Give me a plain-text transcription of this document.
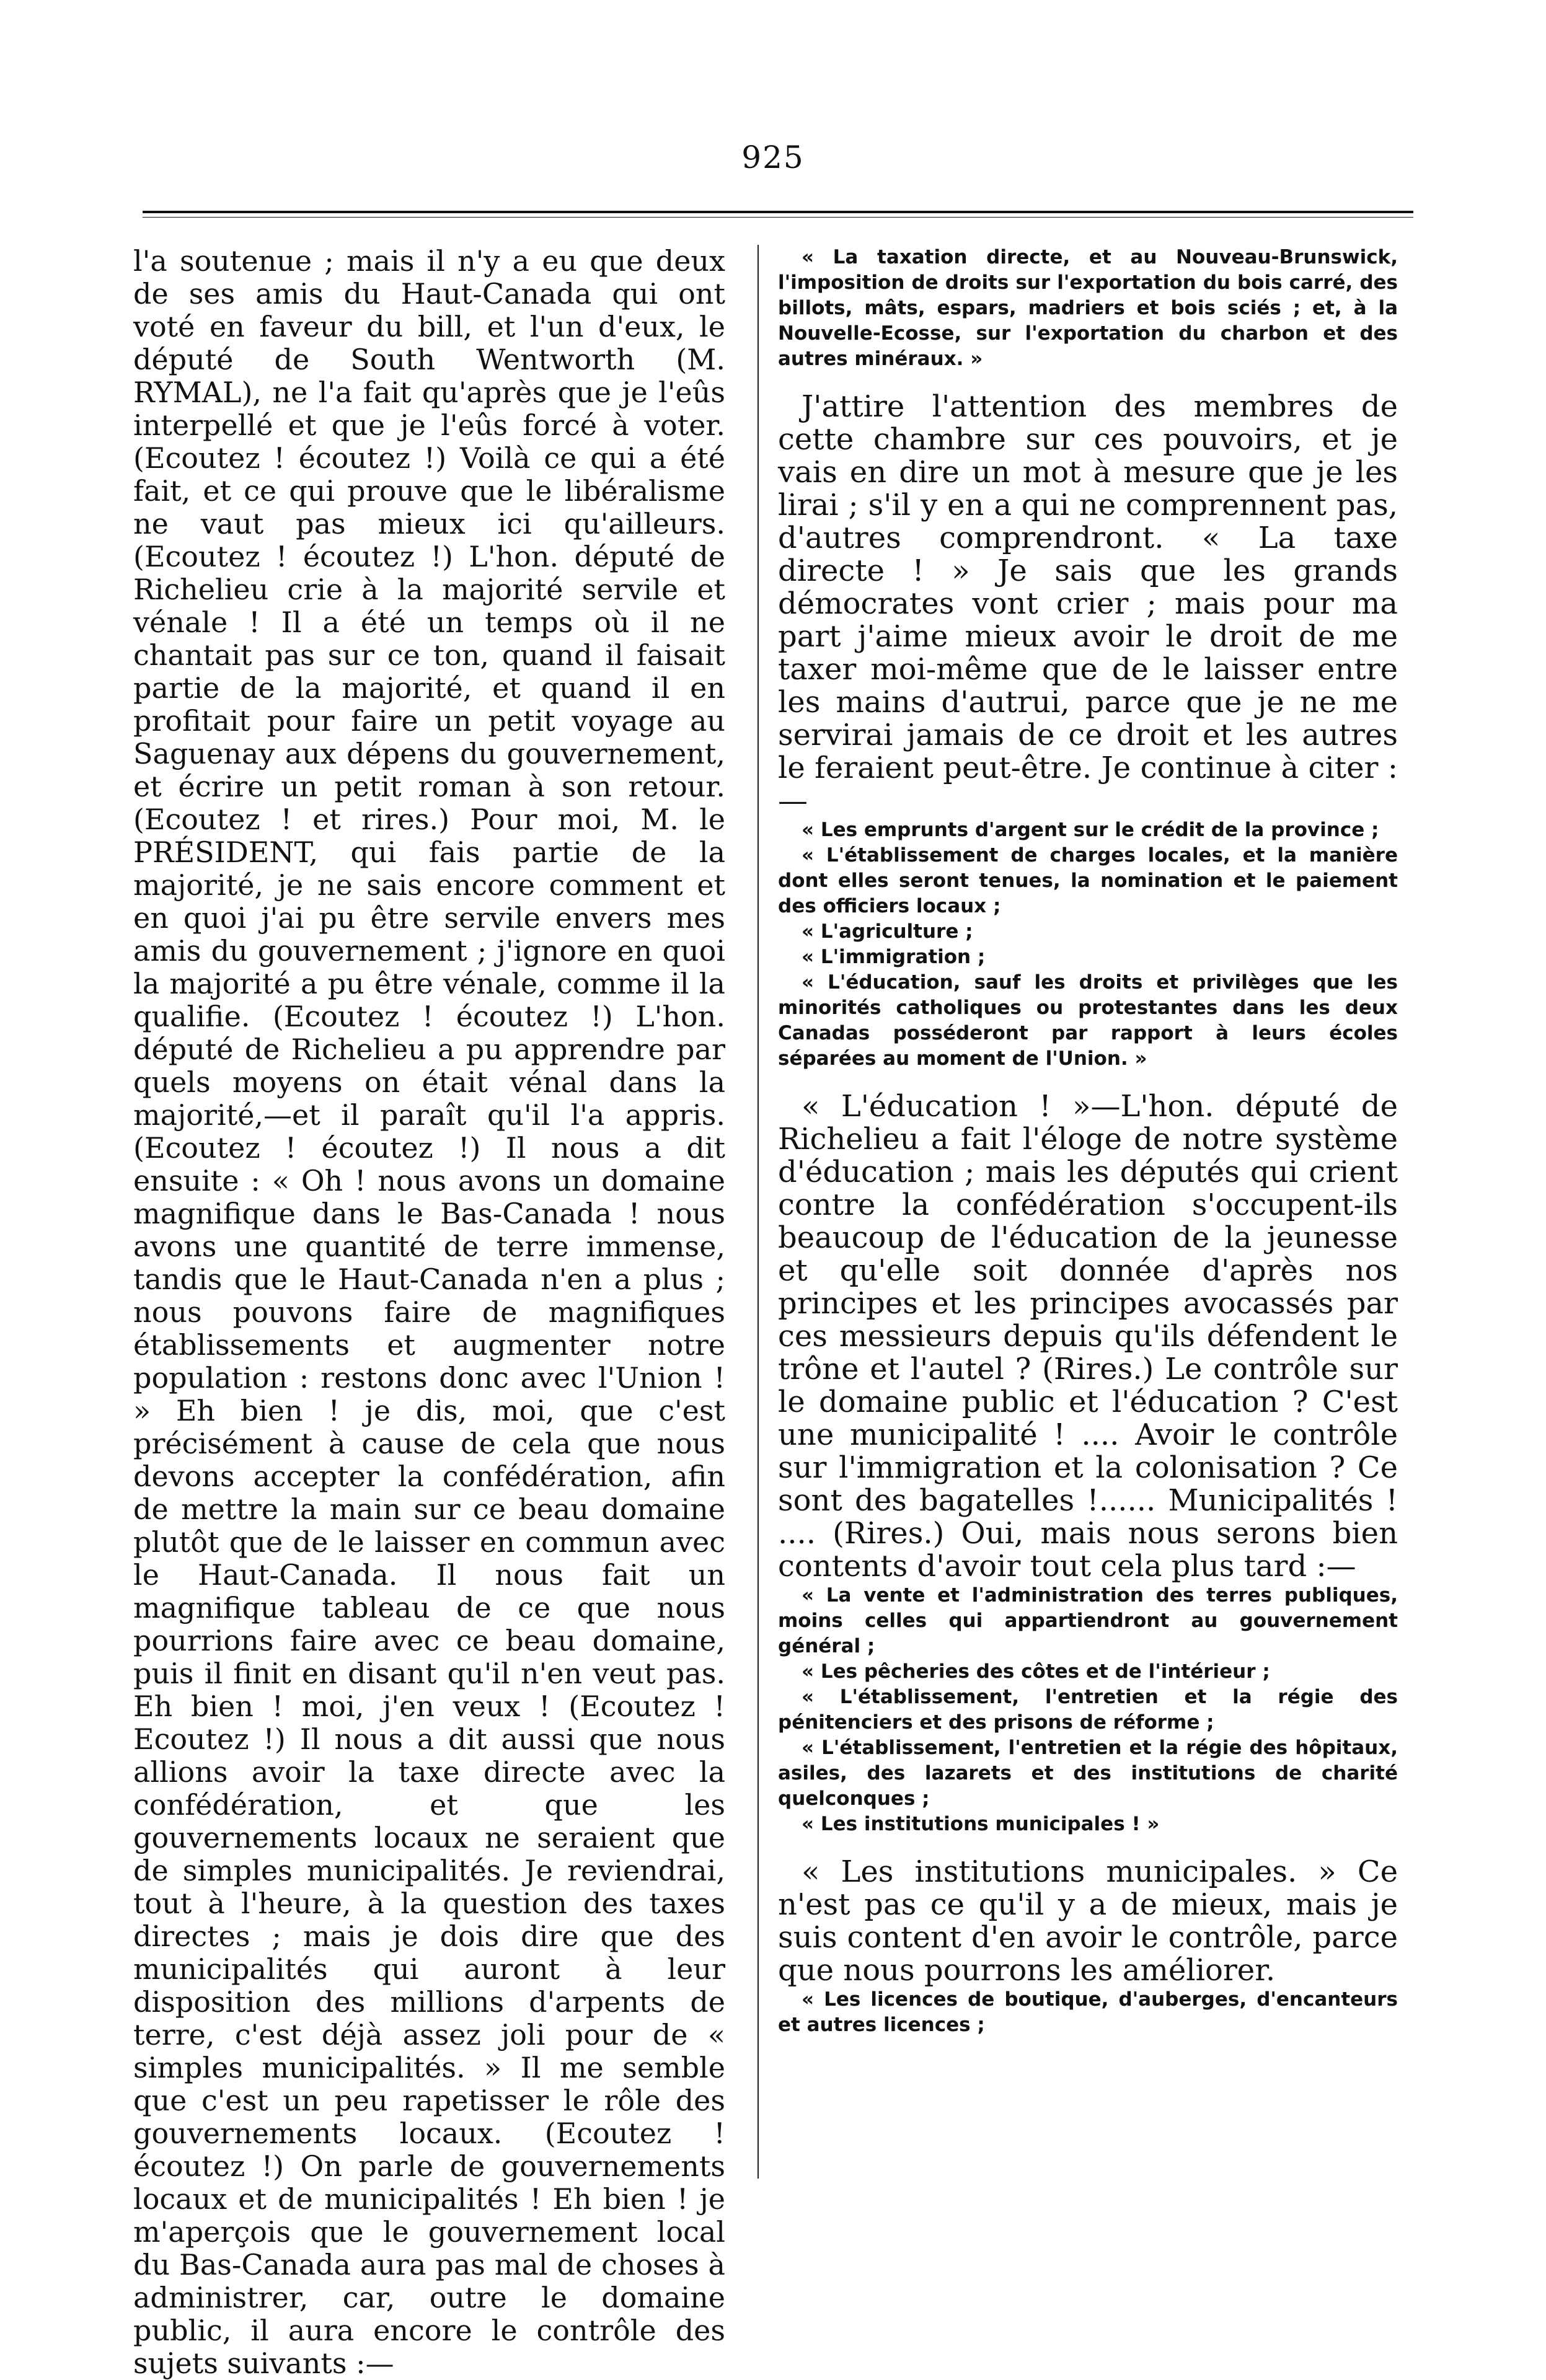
925

l'a soutenue ; mais il n'y a eu que deux de ses amis du Haut-Canada qui ont voté en faveur du bill, et l'un d'eux, le député de South Wentworth (M. RYMAL), ne l'a fait qu'après que je l'eûs interpellé et que je l'eûs forcé à voter. (Ecoutez ! écoutez !) Voilà ce qui a été fait, et ce qui prouve que le libéralisme ne vaut pas mieux ici qu'ailleurs. (Ecoutez ! écoutez !) L'hon. député de Richelieu crie à la majorité servile et vénale ! Il a été un temps où il ne chantait pas sur ce ton, quand il faisait partie de la majorité, et quand il en profitait pour faire un petit voyage au Saguenay aux dépens du gouvernement, et écrire un petit roman à son retour. (Ecoutez ! et rires.) Pour moi, M. le PRÉSIDENT, qui fais partie de la majorité, je ne sais encore comment et en quoi j'ai pu être servile envers mes amis du gouvernement ; j'ignore en quoi la majorité a pu être vénale, comme il la qualifie. (Ecoutez ! écoutez !) L'hon. député de Richelieu a pu apprendre par quels moyens on était vénal dans la majorité,—et il paraît qu'il l'a appris. (Ecoutez ! écoutez !) Il nous a dit ensuite : « Oh ! nous avons un domaine magnifique dans le Bas-Canada ! nous avons une quantité de terre immense, tandis que le Haut-Canada n'en a plus ; nous pouvons faire de magnifiques établissements et augmenter notre population : restons donc avec l'Union ! » Eh bien ! je dis, moi, que c'est précisément à cause de cela que nous devons accepter la confédération, afin de mettre la main sur ce beau domaine plutôt que de le laisser en commun avec le Haut-Canada. Il nous fait un magnifique tableau de ce que nous pourrions faire avec ce beau domaine, puis il finit en disant qu'il n'en veut pas. Eh bien ! moi, j'en veux ! (Ecoutez ! Ecoutez !) Il nous a dit aussi que nous allions avoir la taxe directe avec la confédération, et que les gouvernements locaux ne seraient que de simples municipalités. Je reviendrai, tout à l'heure, à la question des taxes directes ; mais je dois dire que des municipalités qui auront à leur disposition des millions d'arpents de terre, c'est déjà assez joli pour de « simples municipalités. » Il me semble que c'est un peu rapetisser le rôle des gouvernements locaux. (Ecoutez ! écoutez !) On parle de gouvernements locaux et de municipalités ! Eh bien ! je m'aperçois que le gouvernement local du Bas-Canada aura pas mal de choses à administrer, car, outre le domaine public, il aura encore le contrôle des sujets suivants :—

« La taxation directe, et au Nouveau-Brunswick, l'imposition de droits sur l'exportation du bois carré, des billots, mâts, espars, madriers et bois sciés ; et, à la Nouvelle-Ecosse, sur l'exportation du charbon et des autres minéraux. »

J'attire l'attention des membres de cette chambre sur ces pouvoirs, et je vais en dire un mot à mesure que je les lirai ; s'il y en a qui ne comprennent pas, d'autres comprendront. « La taxe directe ! » Je sais que les grands démocrates vont crier ; mais pour ma part j'aime mieux avoir le droit de me taxer moi-même que de le laisser entre les mains d'autrui, parce que je ne me servirai jamais de ce droit et les autres le feraient peut-être. Je continue à citer :—

« Les emprunts d'argent sur le crédit de la province ;

« L'établissement de charges locales, et la manière dont elles seront tenues, la nomination et le paiement des officiers locaux ;

« L'agriculture ;

« L'immigration ;

« L'éducation, sauf les droits et privilèges que les minorités catholiques ou protestantes dans les deux Canadas posséderont par rapport à leurs écoles séparées au moment de l'Union. »

« L'éducation ! »—L'hon. député de Richelieu a fait l'éloge de notre système d'éducation ; mais les députés qui crient contre la confédération s'occupent-ils beaucoup de l'éducation de la jeunesse et qu'elle soit donnée d'après nos principes et les principes avocassés par ces messieurs depuis qu'ils défendent le trône et l'autel ? (Rires.) Le contrôle sur le domaine public et l'éducation ? C'est une municipalité ! .... Avoir le contrôle sur l'immigration et la colonisation ? Ce sont des bagatelles !...... Municipalités ! .... (Rires.) Oui, mais nous serons bien contents d'avoir tout cela plus tard :—

« La vente et l'administration des terres publiques, moins celles qui appartiendront au gouvernement général ;

« Les pêcheries des côtes et de l'intérieur ;

« L'établissement, l'entretien et la régie des pénitenciers et des prisons de réforme ;

« L'établissement, l'entretien et la régie des hôpitaux, asiles, des lazarets et des institutions de charité quelconques ;

« Les institutions municipales ! »

« Les institutions municipales. » Ce n'est pas ce qu'il y a de mieux, mais je suis content d'en avoir le contrôle, parce que nous pourrons les améliorer.

« Les licences de boutique, d'auberges, d'encanteurs et autres licences ;
